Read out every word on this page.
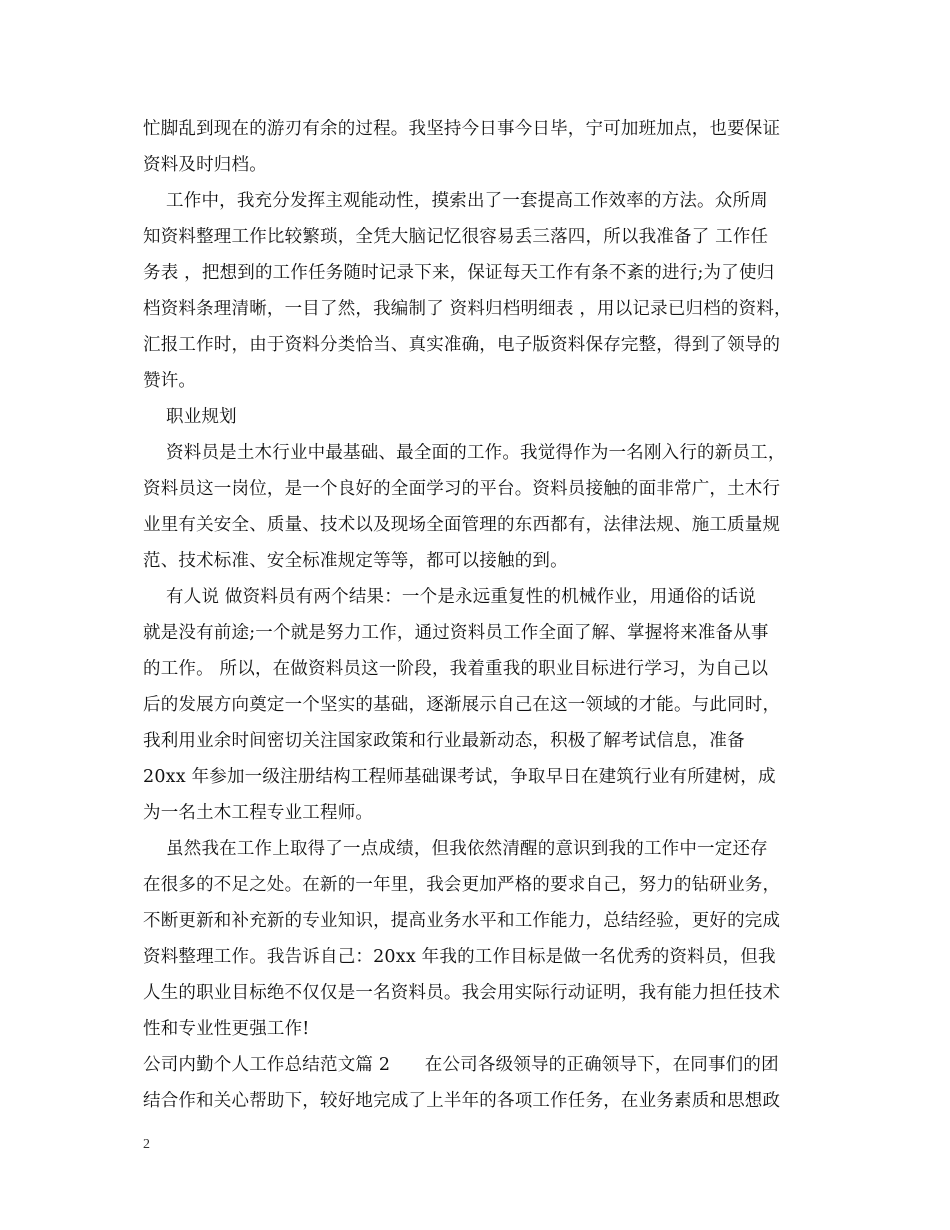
忙脚乱到现在的游刃有余的过程。我坚持今日事今日毕，宁可加班加点，也要保证
资料及时归档。
工作中，我充分发挥主观能动性，摸索出了一套提高工作效率的方法。众所周
知资料整理工作比较繁琐，全凭大脑记忆很容易丢三落四，所以我准备了 工作任
务表 ，把想到的工作任务随时记录下来，保证每天工作有条不紊的进行;为了使归
档资料条理清晰，一目了然，我编制了 资料归档明细表 ，用以记录已归档的资料，
汇报工作时，由于资料分类恰当、真实准确，电子版资料保存完整，得到了领导的
赞许。
职业规划
资料员是土木行业中最基础、最全面的工作。我觉得作为一名刚入行的新员工，
资料员这一岗位，是一个良好的全面学习的平台。资料员接触的面非常广，土木行
业里有关安全、质量、技术以及现场全面管理的东西都有，法律法规、施工质量规
范、技术标准、安全标准规定等等，都可以接触的到。
有人说 做资料员有两个结果：一个是永远重复性的机械作业，用通俗的话说
就是没有前途;一个就是努力工作，通过资料员工作全面了解、掌握将来准备从事
的工作。 所以，在做资料员这一阶段，我着重我的职业目标进行学习，为自己以
后的发展方向奠定一个坚实的基础，逐渐展示自己在这一领域的才能。与此同时，
我利用业余时间密切关注国家政策和行业最新动态，积极了解考试信息，准备
20xx 年参加一级注册结构工程师基础课考试，争取早日在建筑行业有所建树，成
为一名土木工程专业工程师。
虽然我在工作上取得了一点成绩，但我依然清醒的意识到我的工作中一定还存
在很多的不足之处。在新的一年里，我会更加严格的要求自己，努力的钻研业务，
不断更新和补充新的专业知识，提高业务水平和工作能力，总结经验，更好的完成
资料整理工作。我告诉自己：20xx 年我的工作目标是做一名优秀的资料员，但我
人生的职业目标绝不仅仅是一名资料员。我会用实际行动证明，我有能力担任技术
性和专业性更强工作!
公司内勤个人工作总结范文篇 2      在公司各级领导的正确领导下，在同事们的团
结合作和关心帮助下，较好地完成了上半年的各项工作任务，在业务素质和思想政
2
